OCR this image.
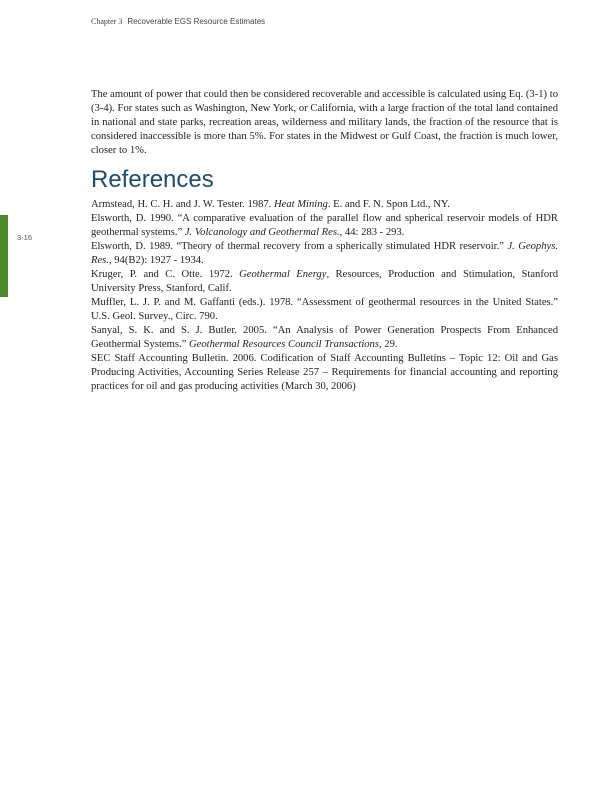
Chapter 3 Recoverable EGS Resource Estimates
3-16

The amount of power that could then be considered recoverable and accessible is calculated using Eq. (3-1) to (3-4). For states such as Washington, New York, or California, with a large fraction of the total land contained in national and state parks, recreation areas, wilderness and military lands, the fraction of the resource that is considered inaccessible is more than 5%. For states in the Midwest or Gulf Coast, the fraction is much lower, closer to 1%.

References

Armstead, H. C. H. and J. W. Tester. 1987. Heat Mining. E. and F. N. Spon Ltd., NY.

Elsworth, D. 1990. “A comparative evaluation of the parallel flow and spherical reservoir models of HDR geothermal systems.” J. Volcanology and Geothermal Res., 44: 283 - 293.

Elsworth, D. 1989. “Theory of thermal recovery from a spherically stimulated HDR reservoir.” J. Geophys. Res., 94(B2): 1927 - 1934.

Kruger, P. and C. Otte. 1972. Geothermal Energy, Resources, Production and Stimulation, Stanford University Press, Stanford, Calif.

Muffler, L. J. P. and M. Gaffanti (eds.). 1978. “Assessment of geothermal resources in the United States.” U.S. Geol. Survey., Circ. 790.

Sanyal, S. K. and S. J. Butler. 2005. “An Analysis of Power Generation Prospects From Enhanced Geothermal Systems.” Geothermal Resources Council Transactions, 29.

SEC Staff Accounting Bulletin. 2006. Codification of Staff Accounting Bulletins – Topic 12: Oil and Gas Producing Activities, Accounting Series Release 257 – Requirements for financial accounting and reporting practices for oil and gas producing activities (March 30, 2006)
